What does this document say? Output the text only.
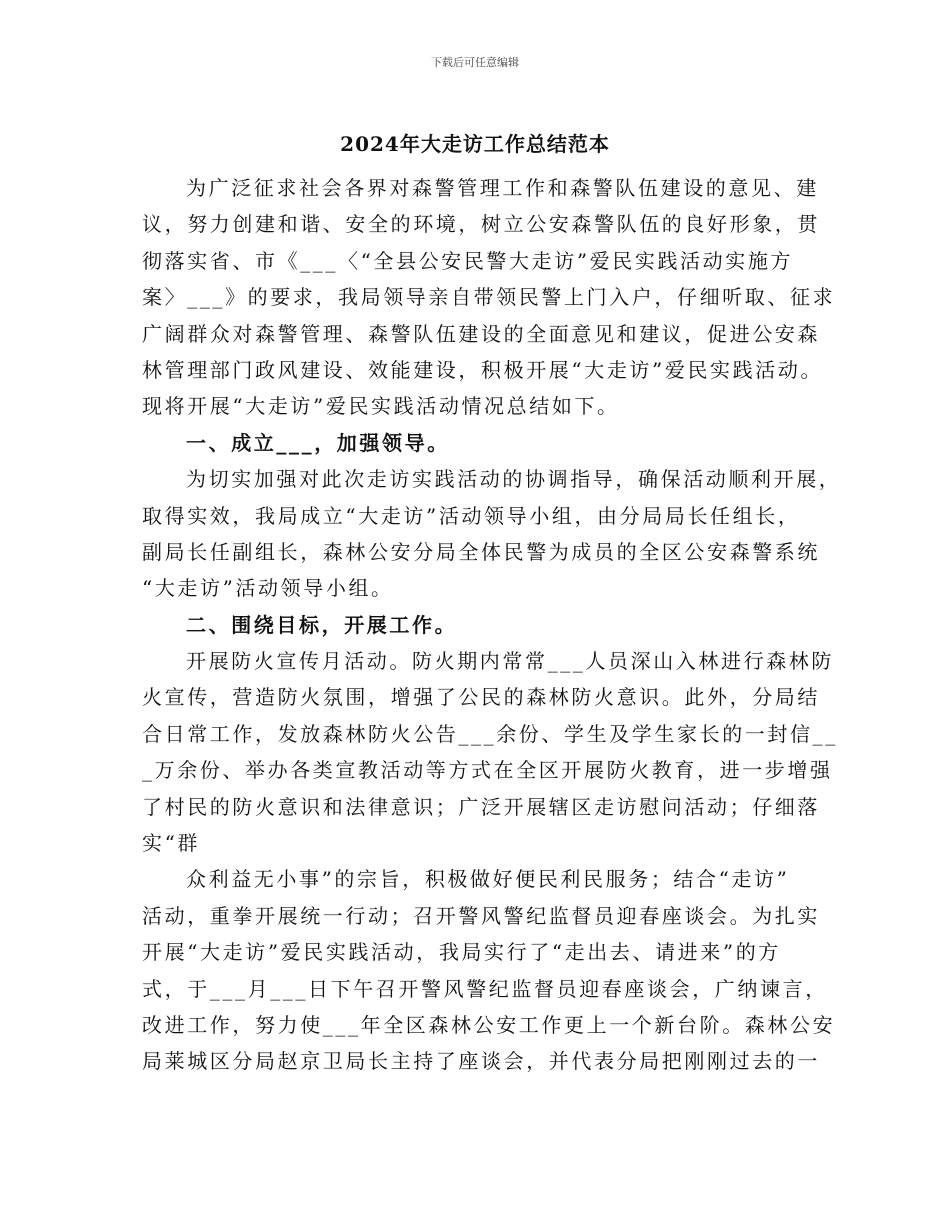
下载后可任意编辑
2024年大走访工作总结范本
为广泛征求社会各界对森警管理工作和森警队伍建设的意见、建
议，努力创建和谐、安全的环境，树立公安森警队伍的良好形象，贯
彻落实省、市《___〈“全县公安民警大走访”爱民实践活动实施方
案〉___》的要求，我局领导亲自带领民警上门入户，仔细听取、征求
广阔群众对森警管理、森警队伍建设的全面意见和建议，促进公安森
林管理部门政风建设、效能建设，积极开展“大走访”爱民实践活动。
现将开展“大走访”爱民实践活动情况总结如下。
一、成立___，加强领导。
为切实加强对此次走访实践活动的协调指导，确保活动顺利开展，
取得实效，我局成立“大走访”活动领导小组，由分局局长任组长，
副局长任副组长，森林公安分局全体民警为成员的全区公安森警系统
“大走访”活动领导小组。
二、围绕目标，开展工作。
开展防火宣传月活动。防火期内常常___人员深山入林进行森林防
火宣传，营造防火氛围，增强了公民的森林防火意识。此外，分局结
合日常工作，发放森林防火公告___余份、学生及学生家长的一封信__
_万余份、举办各类宣教活动等方式在全区开展防火教育，进一步增强
了村民的防火意识和法律意识；广泛开展辖区走访慰问活动；仔细落
实“群
众利益无小事”的宗旨，积极做好便民利民服务；结合“走访”
活动，重拳开展统一行动；召开警风警纪监督员迎春座谈会。为扎实
开展“大走访”爱民实践活动，我局实行了“走出去、请进来”的方
式，于___月___日下午召开警风警纪监督员迎春座谈会，广纳谏言，
改进工作，努力使___年全区森林公安工作更上一个新台阶。森林公安
局莱城区分局赵京卫局长主持了座谈会，并代表分局把刚刚过去的一
